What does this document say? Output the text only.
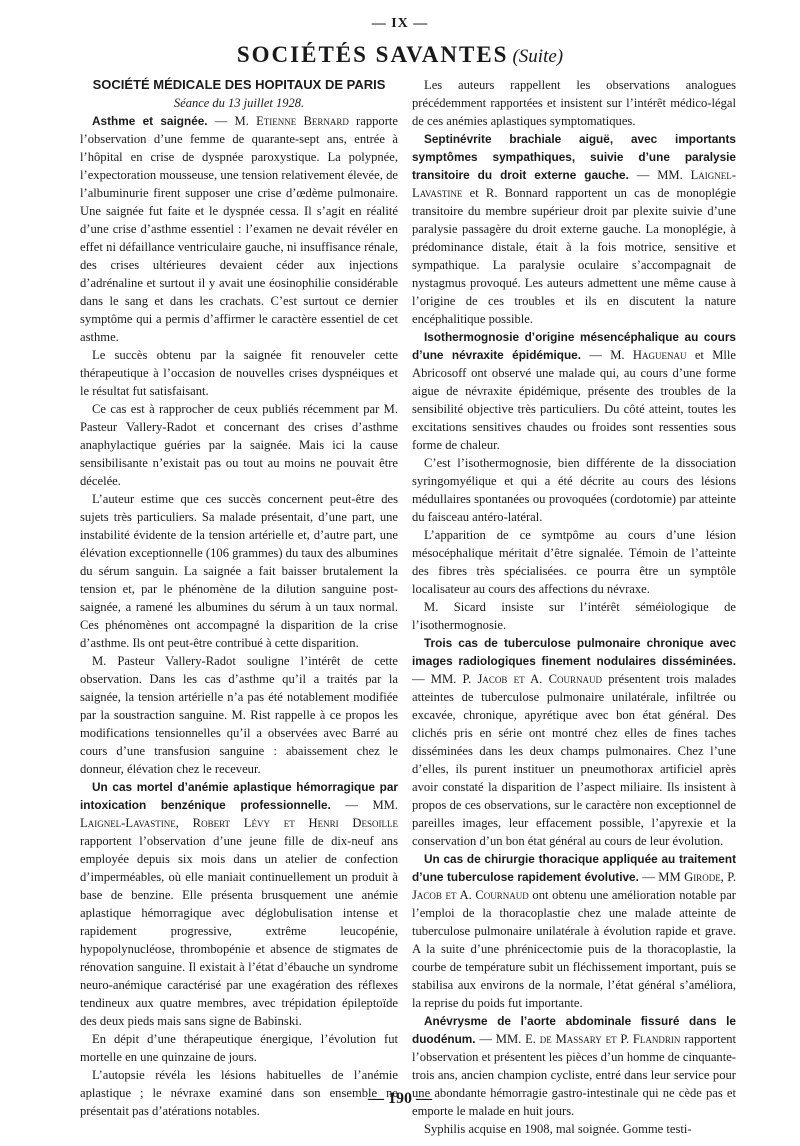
— IX —
SOCIÉTÉS SAVANTES (Suite)

SOCIÉTÉ MÉDICALE DES HOPITAUX DE PARIS

Séance du 13 juillet 1928.

Asthme et saignée. — M. Etienne Bernard rapporte l’observation d’une femme de quarante-sept ans, entrée à l’hôpital en crise de dyspnée paroxystique. La polypnée, l’expectoration mousseuse, une tension relativement élevée, de l’albuminurie firent supposer une crise d’œdème pulmonaire. Une saignée fut faite et le dyspnée cessa. Il s’agit en réalité d’une crise d’asthme essentiel : l’examen ne devait révéler en effet ni défaillance ventriculaire gauche, ni insuffisance rénale, des crises ultérieures devaient céder aux injections d’adrénaline et surtout il y avait une éosinophilie considérable dans le sang et dans les crachats. C’est surtout ce dernier symptôme qui a permis d’affirmer le caractère essentiel de cet asthme.

Le succès obtenu par la saignée fit renouveler cette thérapeutique à l’occasion de nouvelles crises dyspnéiques et le résultat fut satisfaisant.

Ce cas est à rapprocher de ceux publiés récemment par M. Pasteur Vallery-Radot et concernant des crises d’asthme anaphylactique guéries par la saignée. Mais ici la cause sensibilisante n’existait pas ou tout au moins ne pouvait être décelée.

L’auteur estime que ces succès concernent peut-être des sujets très particuliers. Sa malade présentait, d’une part, une instabilité évidente de la tension artérielle et, d’autre part, une élévation exceptionnelle (106 grammes) du taux des albumines du sérum sanguin. La saignée a fait baisser brutalement la tension et, par le phénomène de la dilution sanguine post-saignée, a ramené les albumines du sérum à un taux normal. Ces phénomènes ont accompagné la disparition de la crise d’asthme. Ils ont peut-être contribué à cette disparition.

M. Pasteur Vallery-Radot souligne l’intérêt de cette observation. Dans les cas d’asthme qu’il a traités par la saignée, la tension artérielle n’a pas été notablement modifiée par la soustraction sanguine. M. Rist rappelle à ce propos les modifications tensionnelles qu’il a observées avec Barré au cours d’une transfusion sanguine : abaissement chez le donneur, élévation chez le receveur.

Un cas mortel d’anémie aplastique hémorragique par intoxication benzénique professionnelle. — MM. Laignel-Lavastine, Robert Lévy et Henri Desoille rapportent l’observation d’une jeune fille de dix-neuf ans employée depuis six mois dans un atelier de confection d’imperméables, où elle maniait continuellement un produit à base de benzine. Elle présenta brusquement une anémie aplastique hémorragique avec déglobulisation intense et rapidement progressive, extrême leucopénie, hypopolynucléose, thrombopénie et absence de stigmates de rénovation sanguine. Il existait à l’état d’ébauche un syndrome neuro-anémique caractérisé par une exagération des réflexes tendineux aux quatre membres, avec trépidation épileptoïde des deux pieds mais sans signe de Babinski.

En dépit d’une thérapeutique énergique, l’évolution fut mortelle en une quinzaine de jours.

L’autopsie révéla les lésions habituelles de l’anémie aplastique ; le névraxe examiné dans son ensemble ne présentait pas d’atérations notables.

Les auteurs rappellent les observations analogues précédemment rapportées et insistent sur l’intérêt médico-légal de ces anémies aplastiques symptomatiques.

Septinévrite brachiale aiguë, avec importants symptômes sympathiques, suivie d’une paralysie transitoire du droit externe gauche. — MM. Laignel-Lavastine et R. Bonnard rapportent un cas de monoplégie transitoire du membre supérieur droit par plexite suivie d’une paralysie passagère du droit externe gauche. La monoplégie, à prédominance distale, était à la fois motrice, sensitive et sympathique. La paralysie oculaire s’accompagnait de nystagmus provoqué. Les auteurs admettent une même cause à l’origine de ces troubles et ils en discutent la nature encéphalitique possible.

Isothermognosie d’origine mésencéphalique au cours d’une névraxite épidémique. — M. Haguenau et Mlle Abricosoff ont observé une malade qui, au cours d’une forme aigue de névraxite épidémique, présente des troubles de la sensibilité objective très particuliers. Du côté atteint, toutes les excitations sensitives chaudes ou froides sont ressenties sous forme de chaleur.

C’est l’isothermognosie, bien différente de la dissociation syringomyélique et qui a été décrite au cours des lésions médullaires spontanées ou provoquées (cordotomie) par atteinte du faisceau antéro-latéral.

L’apparition de ce symtpôme au cours d’une lésion mésocéphalique méritait d’être signalée. Témoin de l’atteinte des fibres très spécialisées. ce pourra être un symptôle localisateur au cours des affections du névraxe.

M. Sicard insiste sur l’intérêt séméiologique de l’isothermognosie.

Trois cas de tuberculose pulmonaire chronique avec images radiologiques finement nodulaires disséminées. — MM. P. Jacob et A. Cournaud présentent trois malades atteintes de tuberculose pulmonaire unilatérale, infiltrée ou excavée, chronique, apyrétique avec bon état général. Des clichés pris en série ont montré chez elles de fines taches disséminées dans les deux champs pulmonaires. Chez l’une d’elles, ils purent instituer un pneumothorax artificiel après avoir constaté la disparition de l’aspect miliaire. Ils insistent à propos de ces observations, sur le caractère non exceptionnel de pareilles images, leur effacement possible, l’apyrexie et la conservation d’un bon état général au cours de leur évolution.

Un cas de chirurgie thoracique appliquée au traitement d’une tuberculose rapidement évolutive. — MM Girode, P. Jacob et A. Cournaud ont obtenu une amélioration notable par l’emploi de la thoracoplastie chez une malade atteinte de tuberculose pulmonaire unilatérale à évolution rapide et grave. A la suite d’une phrénicectomie puis de la thoracoplastie, la courbe de température subit un fléchissement important, puis se stabilisa aux environs de la normale, l’état général s’améliora, la reprise du poids fut importante.

Anévrysme de l’aorte abdominale fissuré dans le duodénum. — MM. E. de Massary et P. Flandrin rapportent l’observation et présentent les pièces d’un homme de cinquante-trois ans, ancien champion cycliste, entré dans leur service pour une abondante hémorragie gastro-intestinale qui ne cède pas et emporte le malade en huit jours.

Syphilis acquise en 1908, mal soignée. Gomme testi-

— 190 —
